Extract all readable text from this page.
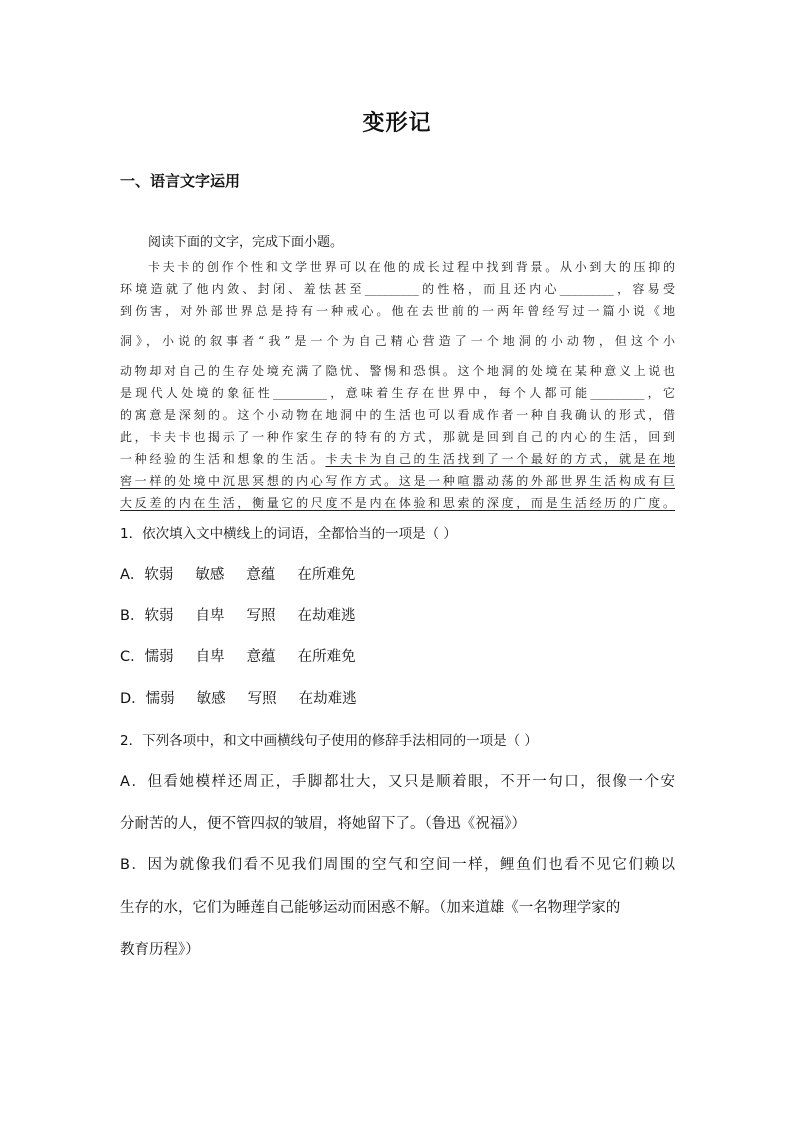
变形记
一、语言文字运用
阅读下面的文字，完成下面小题。
卡夫卡的创作个性和文学世界可以在他的成长过程中找到背景。从小到大的压抑的
环境造就了他内敛、封闭、羞怯甚至_________的性格，而且还内心_________，容易受
到伤害，对外部世界总是持有一种戒心。他在去世前的一两年曾经写过一篇小说《地
洞》，小说的叙事者“我”是一个为自己精心营造了一个地洞的小动物，但这个小
动物却对自己的生存处境充满了隐忧、警惕和恐惧。这个地洞的处境在某种意义上说也
是现代人处境的象征性_________，意味着生存在世界中，每个人都可能_________，它
的寓意是深刻的。这个小动物在地洞中的生活也可以看成作者一种自我确认的形式，借
此，卡夫卡也揭示了一种作家生存的特有的方式，那就是回到自己的内心的生活，回到
一种经验的生活和想象的生活。卡夫卡为自己的生活找到了一个最好的方式，就是在地
窖一样的处境中沉思冥想的内心写作方式。这是一种喧嚣动荡的外部世界生活构成有巨
大反差的内在生活，衡量它的尺度不是内在体验和思索的深度，而是生活经历的广度。
1．依次填入文中横线上的词语，全都恰当的一项是（ ）
A．软弱 敏感 意蕴 在所难免
B．软弱 自卑 写照 在劫难逃
C．懦弱 自卑 意蕴 在所难免
D．懦弱 敏感 写照 在劫难逃
2．下列各项中，和文中画横线句子使用的修辞手法相同的一项是（ ）
A．但看她模样还周正，手脚都壮大，又只是顺着眼，不开一句口，很像一个安
分耐苦的人，便不管四叔的皱眉，将她留下了。（鲁迅《祝福》）
B．因为就像我们看不见我们周围的空气和空间一样，鲤鱼们也看不见它们赖以
生存的水，它们为睡莲自己能够运动而困惑不解。（加来道雄《一名物理学家的
教育历程》）
